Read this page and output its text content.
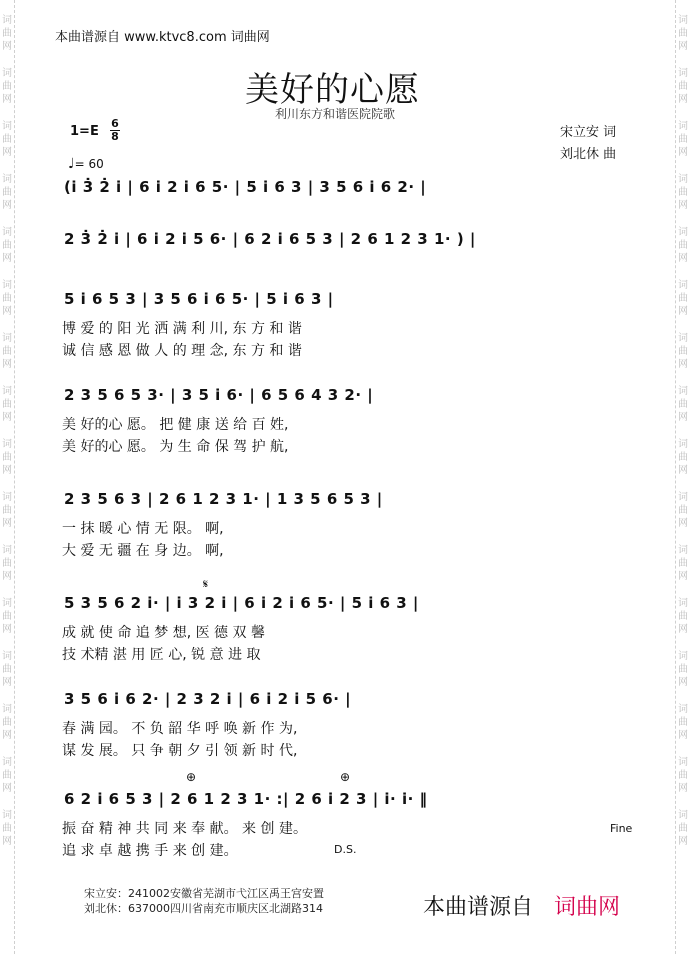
词
曲
网
词
曲
网
词
曲
网
词
曲
网
词
曲
网
词
曲
网
词
曲
网
词
曲
网
词
曲
网
词
曲
网
词
曲
网
词
曲
网
词
曲
网
词
曲
网
词
曲
网
词
曲
网
词
曲
网
词
曲
网
词
曲
网
词
曲
网
词
曲
网
词
曲
网
词
曲
网
词
曲
网
词
曲
网
词
曲
网
词
曲
网
词
曲
网
词
曲
网
词
曲
网
词
曲
网
词
曲
网
本曲谱源自 www.ktvc8.com 词曲网
美好的心愿
利川东方和谐医院院歌
宋立安 词
刘北休 曲
1=E
6
8
♩= 60
(i 3̇ 2̇ i | 6 i 2 i 6 5· | 5 i 6 3 | 3 5 6 i 6 2· |
2 3̇ 2̇ i | 6 i 2 i 5 6· | 6 2 i 6 5 3 | 2 6 1 2 3 1· ) |
5 i 6 5 3 | 3 5 6 i 6 5· | 5 i 6 3 |
博 爱 的 阳 光 洒 满 利 川, 东 方 和 谐
诚 信 感 恩 做 人 的 理 念, 东 方 和 谐
2 3 5 6 5 3· | 3 5 i 6· | 6 5 6 4 3 2· |
美 好的心 愿。 把 健 康 送 给 百 姓,
美 好的心 愿。 为 生 命 保 驾 护 航,
2 3 5 6 3 | 2 6 1 2 3 1· | 1 3 5 6 5 3 |
一 抹 暖 心 情 无 限。 啊,
大 爱 无 疆 在 身 边。 啊,
5 3 5 6 2 i· | i 3 2 i | 6 i 2 i 6 5· | 5 i 6 3 |
成 就 使 命 追 梦 想, 医 德 双 馨
技 术精 湛 用 匠 心, 锐 意 进 取
3 5 6 i 6 2· | 2 3 2 i | 6 i 2 i 5 6· |
春 满 园。 不 负 韶 华 呼 唤 新 作 为,
谋 发 展。 只 争 朝 夕 引 领 新 时 代,
6 2 i 6 5 3 | 2 6 1 2 3 1· :| 2 6 i 2 3 | i· i· ‖
振 奋 精 神 共 同 来 奉 献。 来 创 建。
追 求 卓 越 携 手 来 创 建。
𝄋
⊕	⊕
Fine
D.S.
宋立安：241002安徽省芜湖市弋江区禹王宫安置
刘北休：637000四川省南充市顺庆区北湖路314	本曲谱源自 词曲网
